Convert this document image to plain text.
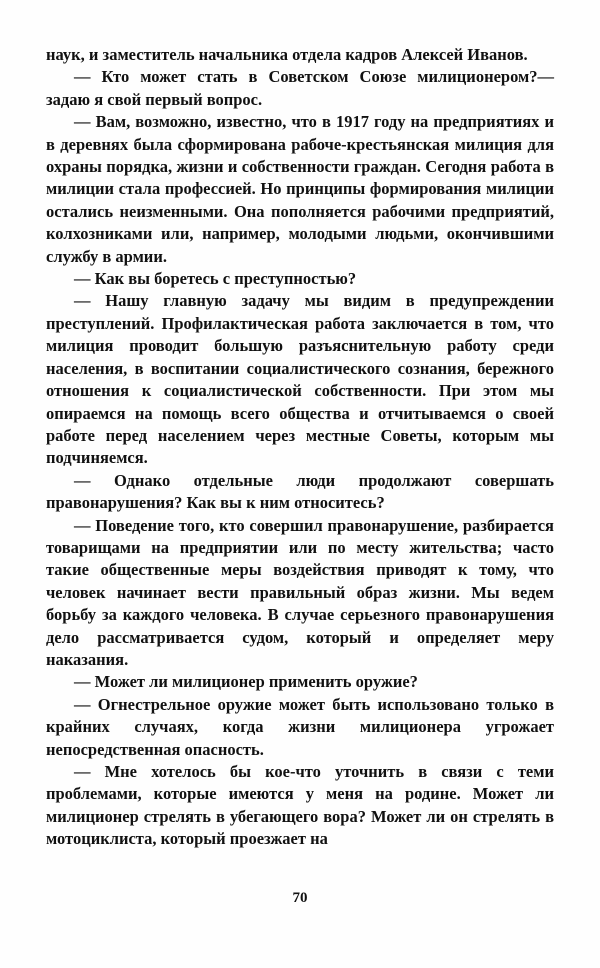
наук, и заместитель начальника отдела кадров Алексей Иванов.

— Кто может стать в Советском Союзе милиционером?— задаю я свой первый вопрос.

— Вам, возможно, известно, что в 1917 году на предприятиях и в деревнях была сформирована рабоче-крестьянская милиция для охраны порядка, жизни и собственности граждан. Сегодня работа в милиции стала профессией. Но принципы формирования милиции остались неизменными. Она пополняется рабочими предприятий, колхозниками или, например, молодыми людьми, окончившими службу в армии.

— Как вы боретесь с преступностью?

— Нашу главную задачу мы видим в предупреждении преступлений. Профилактическая работа заключается в том, что милиция проводит большую разъяснительную работу среди населения, в воспитании социалистического сознания, бережного отношения к социалистической собственности. При этом мы опираемся на помощь всего общества и отчитываемся о своей работе перед населением через местные Советы, которым мы подчиняемся.

— Однако отдельные люди продолжают совершать правонарушения? Как вы к ним относитесь?

— Поведение того, кто совершил правонарушение, разбирается товарищами на предприятии или по месту жительства; часто такие общественные меры воздействия приводят к тому, что человек начинает вести правильный образ жизни. Мы ведем борьбу за каждого человека. В случае серьезного правонарушения дело рассматривается судом, который и определяет меру наказания.

— Может ли милиционер применить оружие?

— Огнестрельное оружие может быть использовано только в крайних случаях, когда жизни милиционера угрожает непосредственная опасность.

— Мне хотелось бы кое-что уточнить в связи с теми проблемами, которые имеются у меня на родине. Может ли милиционер стрелять в убегающего вора? Может ли он стрелять в мотоциклиста, который проезжает на

70
